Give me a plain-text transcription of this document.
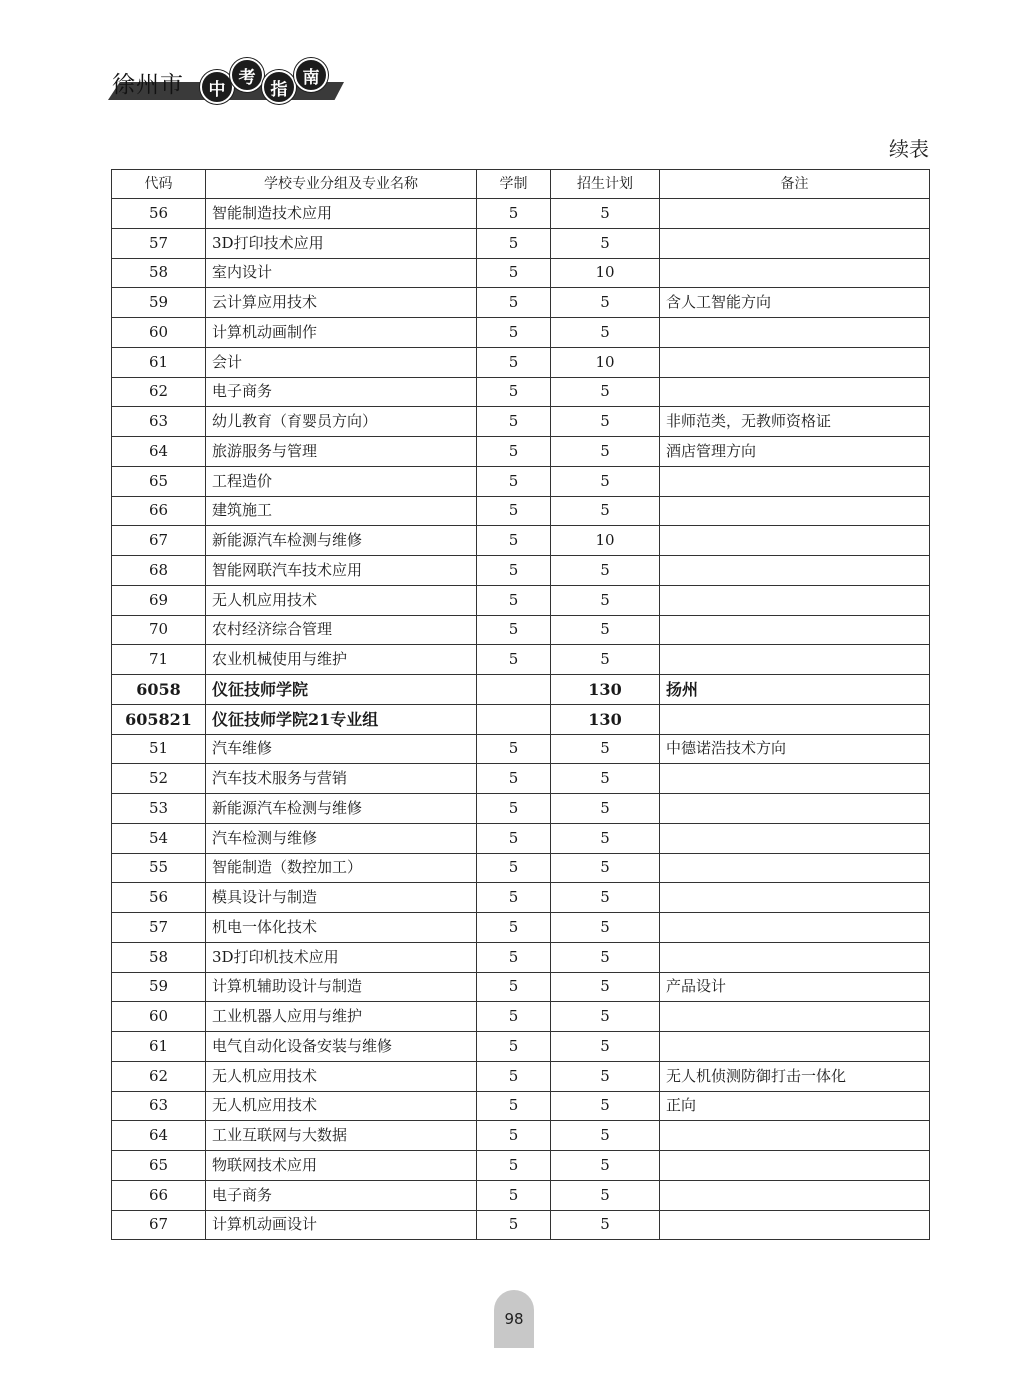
徐州市	中
考
指
南
续表
代码	学校专业分组及专业名称	学制	招生计划	备注
56	智能制造技术应用	5	5	
57	3D打印技术应用	5	5	
58	室内设计	5	10	
59	云计算应用技术	5	5	含人工智能方向
60	计算机动画制作	5	5	
61	会计	5	10	
62	电子商务	5	5	
63	幼儿教育（育婴员方向）	5	5	非师范类，无教师资格证
64	旅游服务与管理	5	5	酒店管理方向
65	工程造价	5	5	
66	建筑施工	5	5	
67	新能源汽车检测与维修	5	10	
68	智能网联汽车技术应用	5	5	
69	无人机应用技术	5	5	
70	农村经济综合管理	5	5	
71	农业机械使用与维护	5	5	
6058	仪征技师学院		130	扬州
605821	仪征技师学院21专业组		130	
51	汽车维修	5	5	中德诺浩技术方向
52	汽车技术服务与营销	5	5	
53	新能源汽车检测与维修	5	5	
54	汽车检测与维修	5	5	
55	智能制造（数控加工）	5	5	
56	模具设计与制造	5	5	
57	机电一体化技术	5	5	
58	3D打印机技术应用	5	5	
59	计算机辅助设计与制造	5	5	产品设计
60	工业机器人应用与维护	5	5	
61	电气自动化设备安装与维修	5	5	
62	无人机应用技术	5	5	无人机侦测防御打击一体化
63	无人机应用技术	5	5	正向
64	工业互联网与大数据	5	5	
65	物联网技术应用	5	5	
66	电子商务	5	5	
67	计算机动画设计	5	5	
98
